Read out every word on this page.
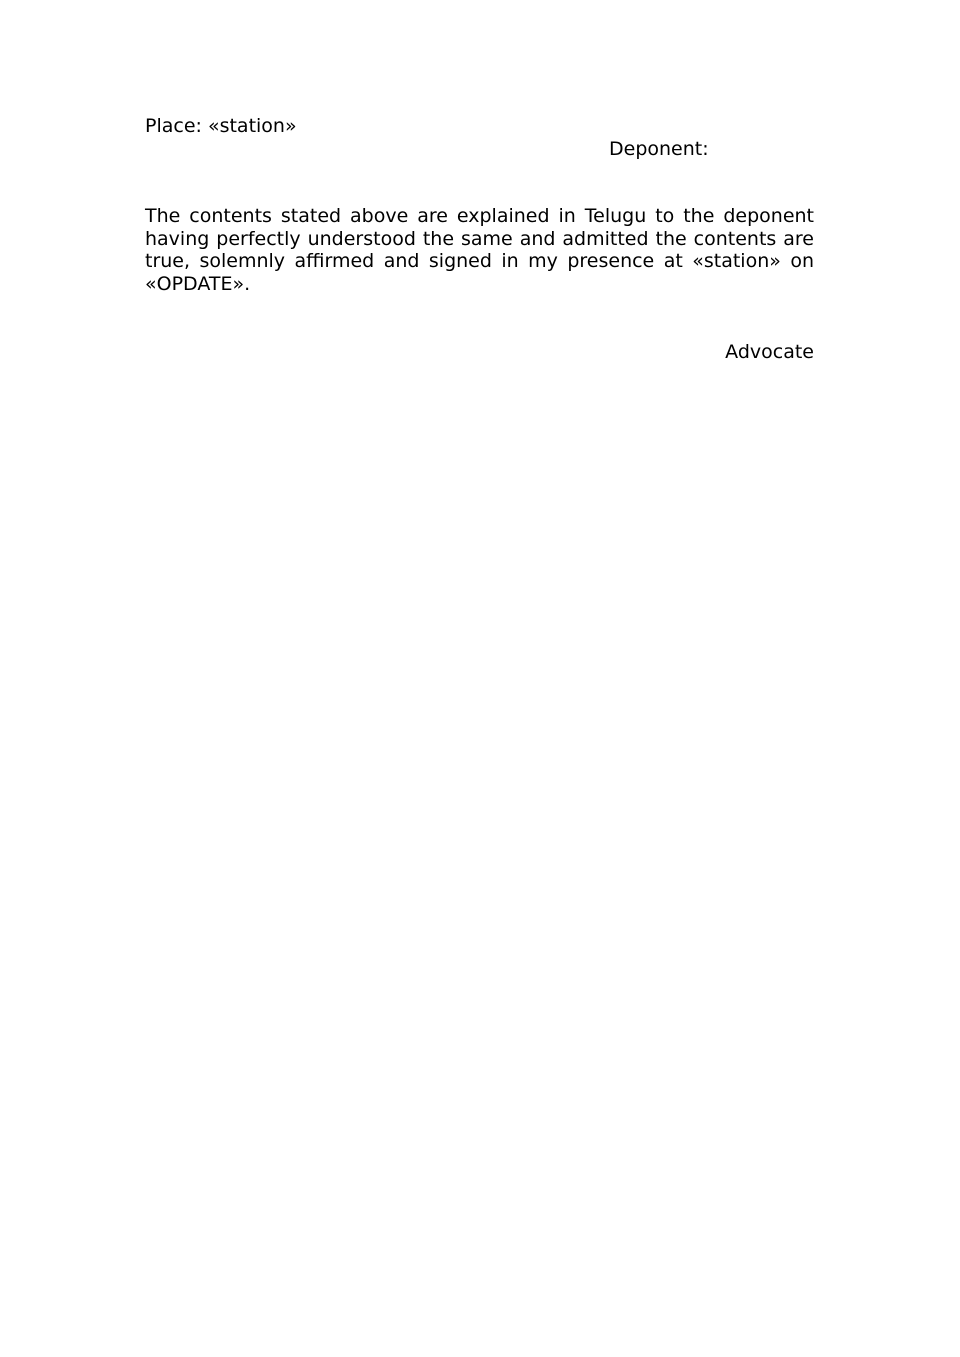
Place: «station»
Deponent:

The contents stated above are explained in Telugu to the deponent having perfectly understood the same and admitted the contents are true, solemnly affirmed and signed in my presence at «station» on «OPDATE».

Advocate
